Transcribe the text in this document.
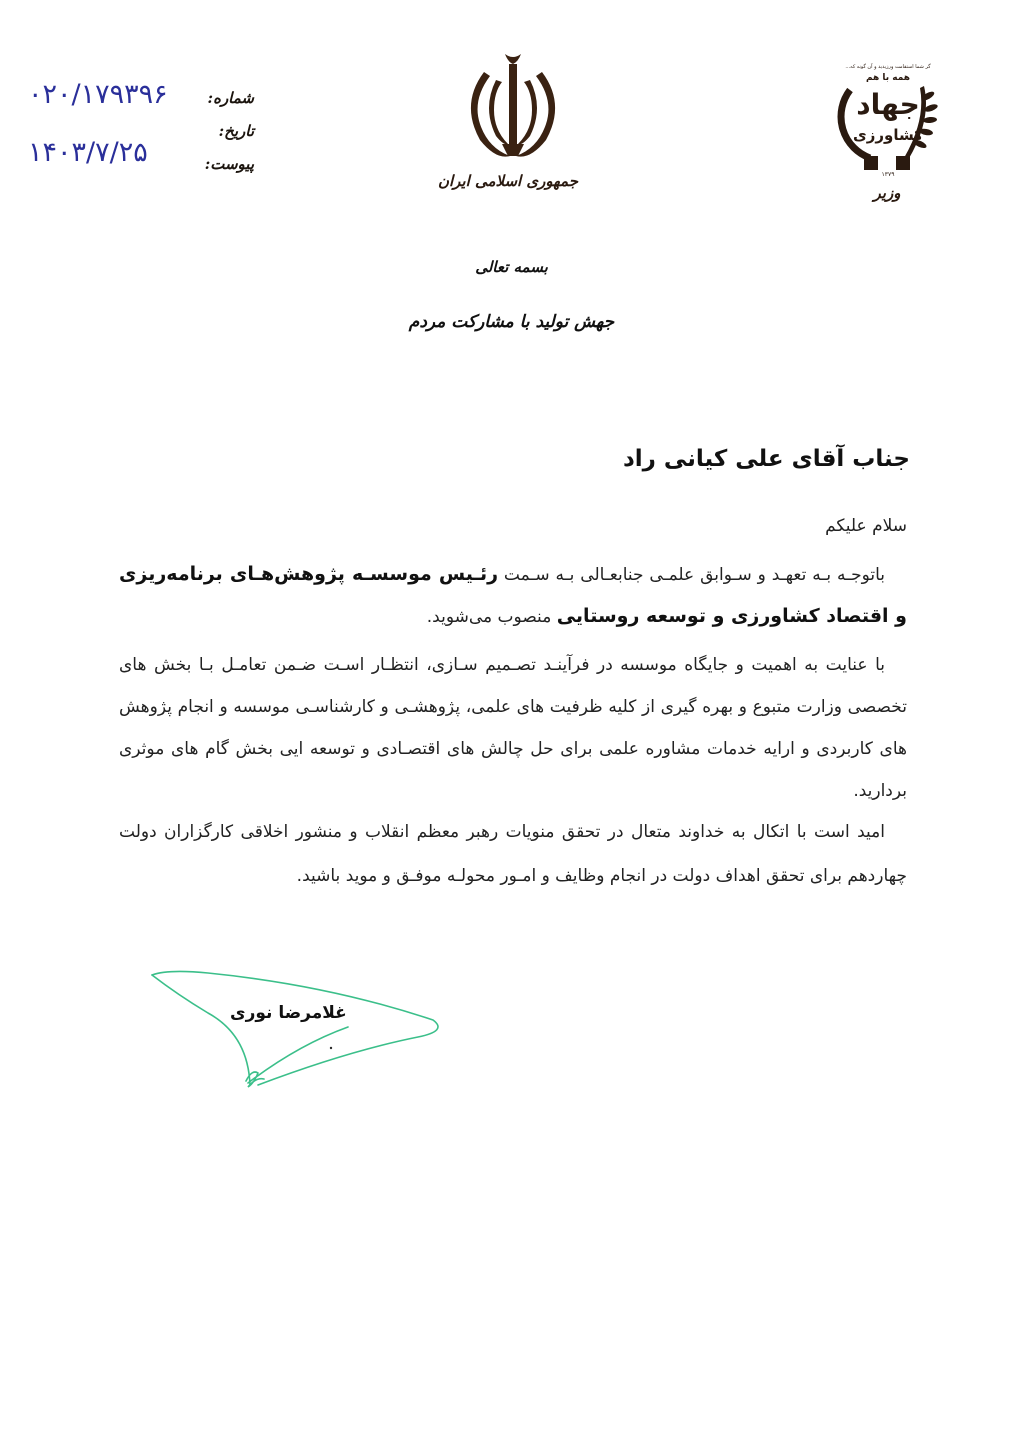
شماره:
تاریخ:
پیوست:
۰۲۰/۱۷۹۳۹۶
۱۴۰۳/۷/۲۵
جمهوری اسلامی ایران
گر شما استقامت ورزیدید و آن گونه که...
همه با هم
جهاد
کشاورزی
۱۳۷۹
وزیر
بسمه تعالی
جهش تولید با مشارکت مردم
جناب آقای علی کیانی راد
سلام علیکم
باتوجـه بـه تعهـد و سـوابق علمـی جنابعـالی بـه سـمت رئـیس موسسـه پژوهش‌هـای برنامه‌ریزی و اقتصاد کشاورزی و توسعه روستایی منصوب می‌شوید.
با عنایت به اهمیت و جایگاه موسسه در فرآینـد تصـمیم سـازی، انتظـار اسـت ضـمن تعامـل بـا بخش های تخصصی وزارت متبوع و بهره گیری از کلیه ظرفیت های علمی، پژوهشـی و کارشناسـی موسسه و انجام پژوهش های کاربردی و ارایه خدمات مشاوره علمی برای حل چالش های اقتصـادی و توسعه ایی بخش گام های موثری بردارید.
امید است با اتکال به خداوند متعال در تحقق منویات رهبر معظم انقلاب و منشور اخلاقی کارگزاران دولت چهاردهم برای تحقق اهداف دولت در انجام وظایف و امـور محولـه موفـق و موید باشید.
غلامرضا نوری
